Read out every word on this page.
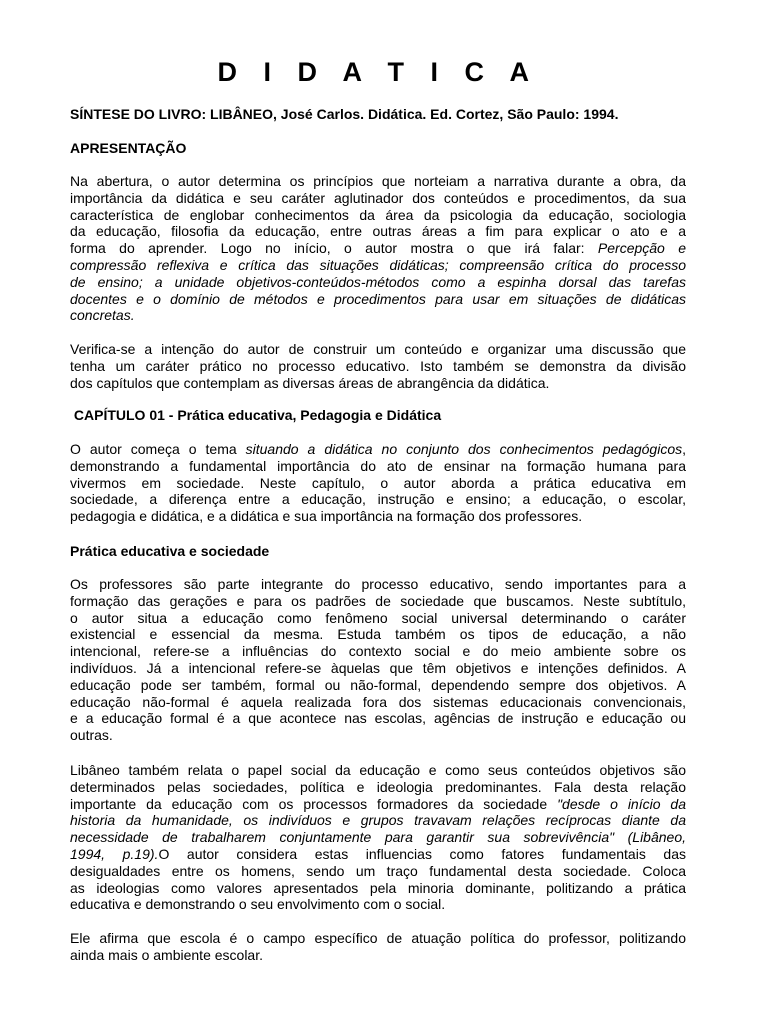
D I D A T I C A

SÍNTESE DO LIVRO: LIBÂNEO, José Carlos. Didática. Ed. Cortez, São Paulo: 1994.

APRESENTAÇÃO
Na abertura, o autor determina os princípios que norteiam a narrativa durante a obra, da
importância da didática e seu caráter aglutinador dos conteúdos e procedimentos, da sua
característica de englobar conhecimentos da área da psicologia da educação, sociologia
da educação, filosofia da educação, entre outras áreas a fim para explicar o ato e a
forma do aprender. Logo no início, o autor mostra o que irá falar: Percepção e
compressão reflexiva e crítica das situações didáticas; compreensão crítica do processo
de ensino; a unidade objetivos-conteúdos-métodos como a espinha dorsal das tarefas
docentes e o domínio de métodos e procedimentos para usar em situações de didáticas
concretas.
Verifica-se a intenção do autor de construir um conteúdo e organizar uma discussão que
tenha um caráter prático no processo educativo. Isto também se demonstra da divisão
dos capítulos que contemplam as diversas áreas de abrangência da didática.
CAPÍTULO 01 - Prática educativa, Pedagogia e Didática
O autor começa o tema situando a didática no conjunto dos conhecimentos pedagógicos,
demonstrando a fundamental importância do ato de ensinar na formação humana para
vivermos em sociedade. Neste capítulo, o autor aborda a prática educativa em
sociedade, a diferença entre a educação, instrução e ensino; a educação, o escolar,
pedagogia e didática, e a didática e sua importância na formação dos professores.
Prática educativa e sociedade
Os professores são parte integrante do processo educativo, sendo importantes para a
formação das gerações e para os padrões de sociedade que buscamos. Neste subtítulo,
o autor situa a educação como fenômeno social universal determinando o caráter
existencial e essencial da mesma. Estuda também os tipos de educação, a não
intencional, refere-se a influências do contexto social e do meio ambiente sobre os
indivíduos. Já a intencional refere-se àquelas que têm objetivos e intenções definidos. A
educação pode ser também, formal ou não-formal, dependendo sempre dos objetivos. A
educação não-formal é aquela realizada fora dos sistemas educacionais convencionais,
e a educação formal é a que acontece nas escolas, agências de instrução e educação ou
outras.
Libâneo também relata o papel social da educação e como seus conteúdos objetivos são
determinados pelas sociedades, política e ideologia predominantes. Fala desta relação
importante da educação com os processos formadores da sociedade "desde o início da
historia da humanidade, os indivíduos e grupos travavam relações recíprocas diante da
necessidade de trabalharem conjuntamente para garantir sua sobrevivência" (Libâneo,
1994, p.19).O autor considera estas influencias como fatores fundamentais das
desigualdades entre os homens, sendo um traço fundamental desta sociedade. Coloca
as ideologias como valores apresentados pela minoria dominante, politizando a prática
educativa e demonstrando o seu envolvimento com o social.
Ele afirma que escola é o campo específico de atuação política do professor, politizando
ainda mais o ambiente escolar.
